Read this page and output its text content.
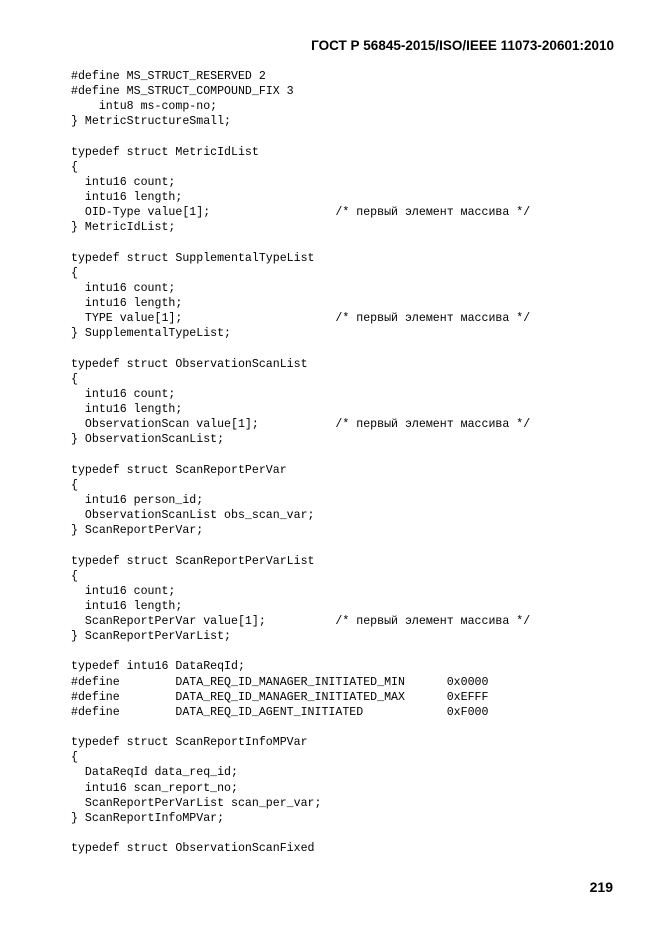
ГОСТ Р 56845-2015/ISO/IEEE 11073-20601:2010
#define MS_STRUCT_RESERVED 2
#define MS_STRUCT_COMPOUND_FIX 3
intu8 ms-comp-no;
} MetricStructureSmall;
typedef struct MetricIdList
{
intu16 count;
intu16 length;
OID-Type value[1];                  /* первый элемент массива */
} MetricIdList;
typedef struct SupplementalTypeList
{
intu16 count;
intu16 length;
TYPE value[1];                      /* первый элемент массива */
} SupplementalTypeList;
typedef struct ObservationScanList
{
intu16 count;
intu16 length;
ObservationScan value[1];           /* первый элемент массива */
} ObservationScanList;
typedef struct ScanReportPerVar
{
intu16 person_id;
ObservationScanList obs_scan_var;
} ScanReportPerVar;
typedef struct ScanReportPerVarList
{
intu16 count;
intu16 length;
ScanReportPerVar value[1];          /* первый элемент массива */
} ScanReportPerVarList;
typedef intu16 DataReqId;
#define        DATA_REQ_ID_MANAGER_INITIATED_MIN      0x0000
#define        DATA_REQ_ID_MANAGER_INITIATED_MAX      0xEFFF
#define        DATA_REQ_ID_AGENT_INITIATED            0xF000
typedef struct ScanReportInfoMPVar
{
DataReqId data_req_id;
intu16 scan_report_no;
ScanReportPerVarList scan_per_var;
} ScanReportInfoMPVar;
typedef struct ObservationScanFixed
219
